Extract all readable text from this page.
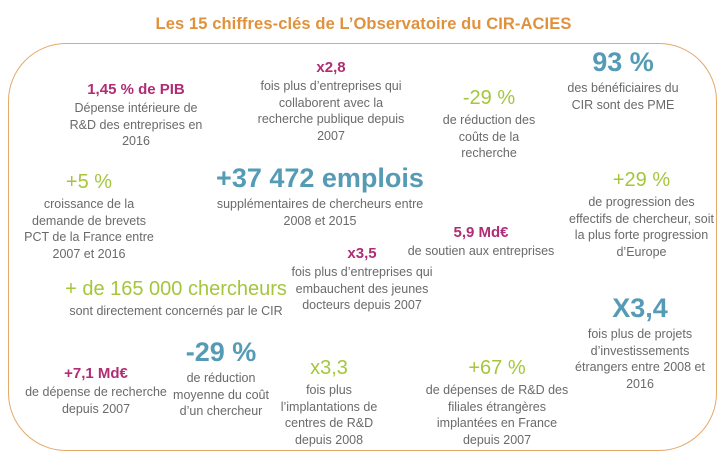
Les 15 chiffres-clés de L’Observatoire du CIR-ACIES
1,45 % de PIB
Dépense intérieure de R&D des entreprises en 2016
x2,8
fois plus d’entreprises qui collaborent avec la recherche publique depuis 2007
-29 %
de réduction des coûts de la recherche
93 %
des bénéficiaires du CIR sont des PME
+5 %
croissance de la demande de brevets PCT de la France entre 2007 et 2016
+37 472 emplois
supplémentaires de chercheurs entre 2008 et 2015
+29 %
de progression des effectifs de chercheur, soit la plus forte progression d’Europe
5,9 Md€
de soutien aux entreprises
x3,5
fois plus d’entreprises qui embauchent des jeunes docteurs depuis 2007
+ de 165 000 chercheurs
sont directement concernés par le CIR	X3,4
fois plus de projets d’investissements étrangers entre 2008 et 2016
+7,1 Md€
de dépense de recherche depuis 2007
-29 %
de réduction moyenne du coût d’un chercheur
x3,3
fois plus l’implantations de centres de R&D depuis 2008
+67 %
de dépenses de R&D des filiales étrangères implantées en France depuis 2007
